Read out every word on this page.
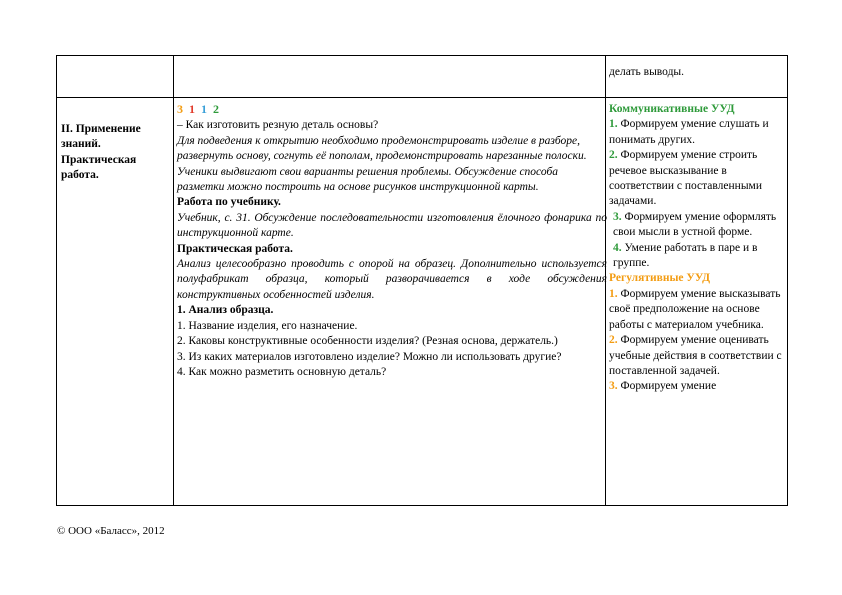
делать выводы.
II. Применение знаний. Практическая работа.

3 1 1 2

– Как изготовить резную деталь основы?

Для подведения к открытию необходимо продемонстрировать изделие в разборе, развернуть основу, согнуть её пополам, продемонстрировать нарезанные полоски.

Ученики выдвигают свои варианты решения проблемы. Обсуждение способа разметки можно построить на основе рисунков инструкционной карты.

Работа по учебнику.

Учебник, с. 31. Обсуждение последовательности изготовления ёлочного фонарика по инструкционной карте.

Практическая работа.

Анализ целесообразно проводить с опорой на образец. Дополнительно используется полуфабрикат образца, который разворачивается в ходе обсуждения конструктивных особенностей изделия.

1. Анализ образца.

1. Название изделия, его назначение.

2. Каковы конструктивные особенности изделия? (Резная основа, держатель.)

3. Из каких материалов изготовлено изделие? Можно ли использовать другие?

4. Как можно разметить основную деталь?

Коммуникативные УУД

1. Формируем умение слушать и понимать других.

2. Формируем умение строить речевое высказывание в соответствии с поставленными задачами.

3. Формируем умение оформлять свои мысли в устной форме.

4. Умение работать в паре и в группе.

Регулятивные УУД

1. Формируем умение высказывать своё предположение на основе работы с материалом учебника.

2. Формируем умение оценивать учебные действия в соответствии с поставленной задачей.

3. Формируем умение

© ООО «Баласс», 2012
